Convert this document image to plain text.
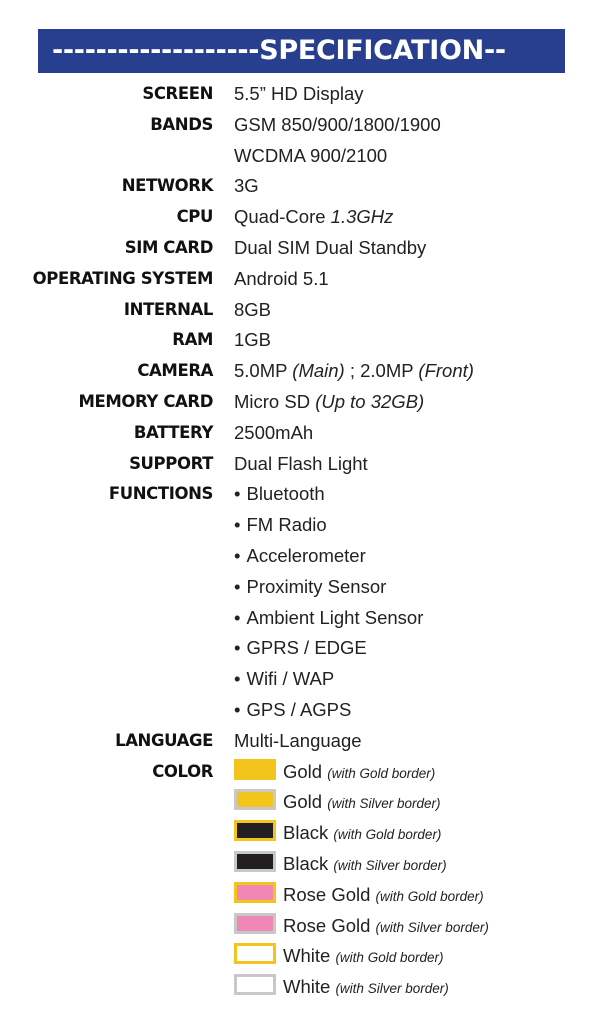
-------------------SPECIFICATION--
SCREEN 5.5” HD Display
BANDS GSM 850/900/1800/1900
WCDMA 900/2100
NETWORK 3G
CPU Quad-Core 1.3GHz
SIM CARD Dual SIM Dual Standby
OPERATING SYSTEM Android 5.1
INTERNAL 8GB
RAM 1GB
CAMERA 5.0MP (Main) ; 2.0MP (Front)
MEMORY CARD Micro SD (Up to 32GB)
BATTERY 2500mAh
SUPPORT Dual Flash Light
FUNCTIONS • Bluetooth
• FM Radio
• Accelerometer
• Proximity Sensor
• Ambient Light Sensor
• GPRS / EDGE
• Wifi / WAP
• GPS / AGPS
LANGUAGE Multi-Language
COLOR	Gold (with Gold border)
Gold (with Silver border)
Black (with Gold border)
Black (with Silver border)
Rose Gold (with Gold border)
Rose Gold (with Silver border)
White (with Gold border)
White (with Silver border)
